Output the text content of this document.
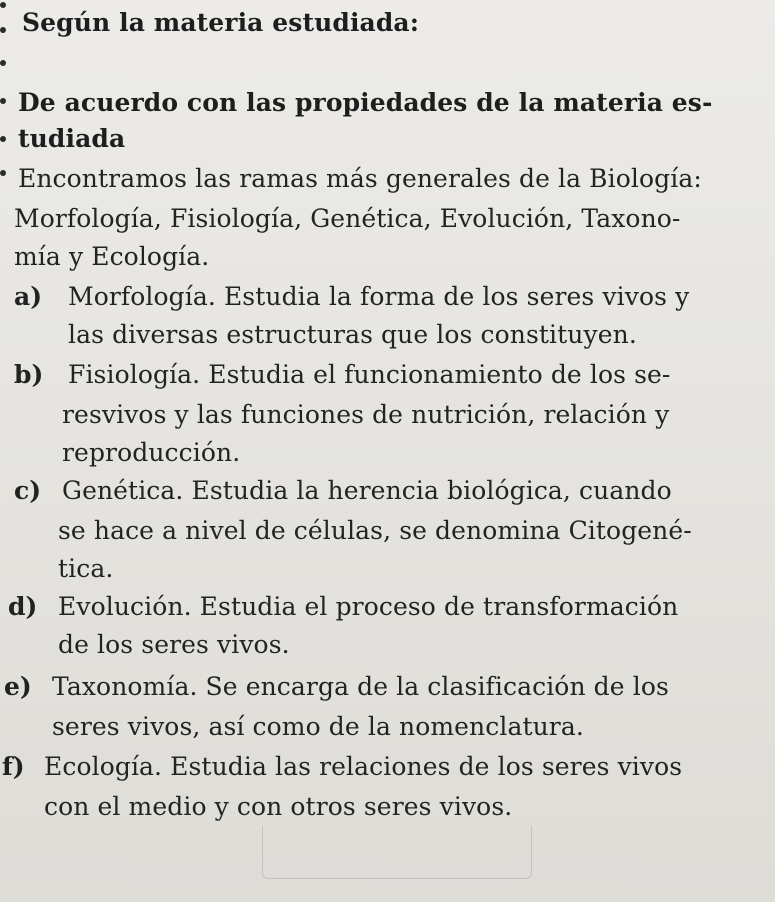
Según la materia estudiada:
De acuerdo con las propiedades de la materia es-
tudiada
Encontramos las ramas más generales de la Biología:
Morfología, Fisiología, Genética, Evolución, Taxono-
mía y Ecología.
a) Morfología. Estudia la forma de los seres vivos y
las diversas estructuras que los constituyen.
b) Fisiología. Estudia el funcionamiento de los se-
resvivos y las funciones de nutrición, relación y
reproducción.
c) Genética. Estudia la herencia biológica, cuando
se hace a nivel de células, se denomina Citogené-
tica.
d) Evolución. Estudia el proceso de transformación
de los seres vivos.
e) Taxonomía. Se encarga de la clasificación de los
seres vivos, así como de la nomenclatura.
f) Ecología. Estudia las relaciones de los seres vivos
con el medio y con otros seres vivos.
